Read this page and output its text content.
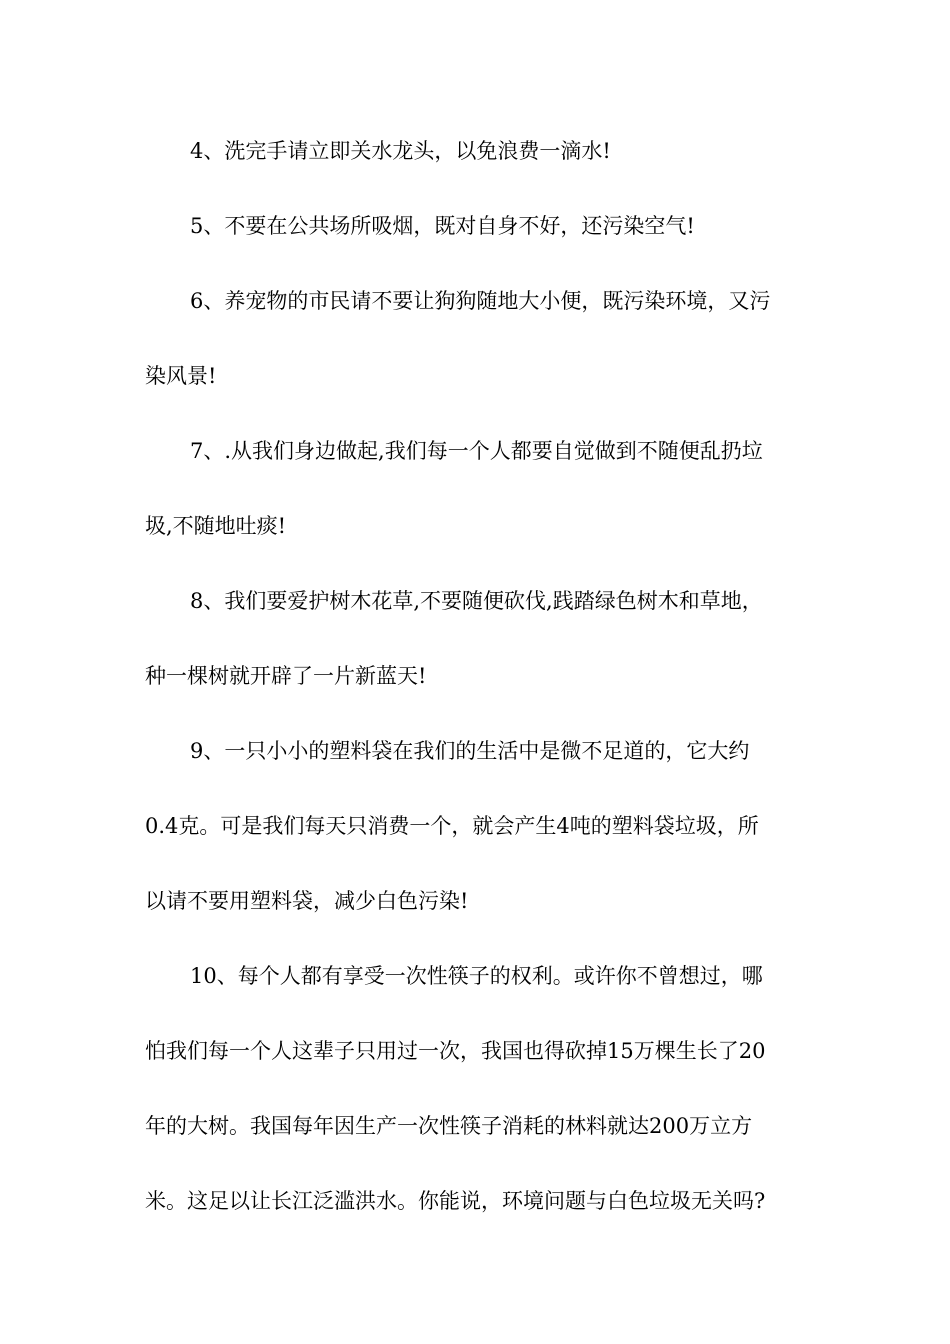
4、洗完手请立即关水龙头，以免浪费一滴水!

5、不要在公共场所吸烟，既对自身不好，还污染空气!

6、养宠物的市民请不要让狗狗随地大小便，既污染环境，又污

染风景!

7、.从我们身边做起,我们每一个人都要自觉做到不随便乱扔垃

圾,不随地吐痰!

8、我们要爱护树木花草,不要随便砍伐,践踏绿色树木和草地，

种一棵树就开辟了一片新蓝天!

9、一只小小的塑料袋在我们的生活中是微不足道的，它大约

0.4克。可是我们每天只消费一个，就会产生4吨的塑料袋垃圾，所

以请不要用塑料袋，减少白色污染!

10、每个人都有享受一次性筷子的权利。或许你不曾想过，哪

怕我们每一个人这辈子只用过一次，我国也得砍掉15万棵生长了20

年的大树。我国每年因生产一次性筷子消耗的林料就达200万立方

米。这足以让长江泛滥洪水。你能说，环境问题与白色垃圾无关吗?
